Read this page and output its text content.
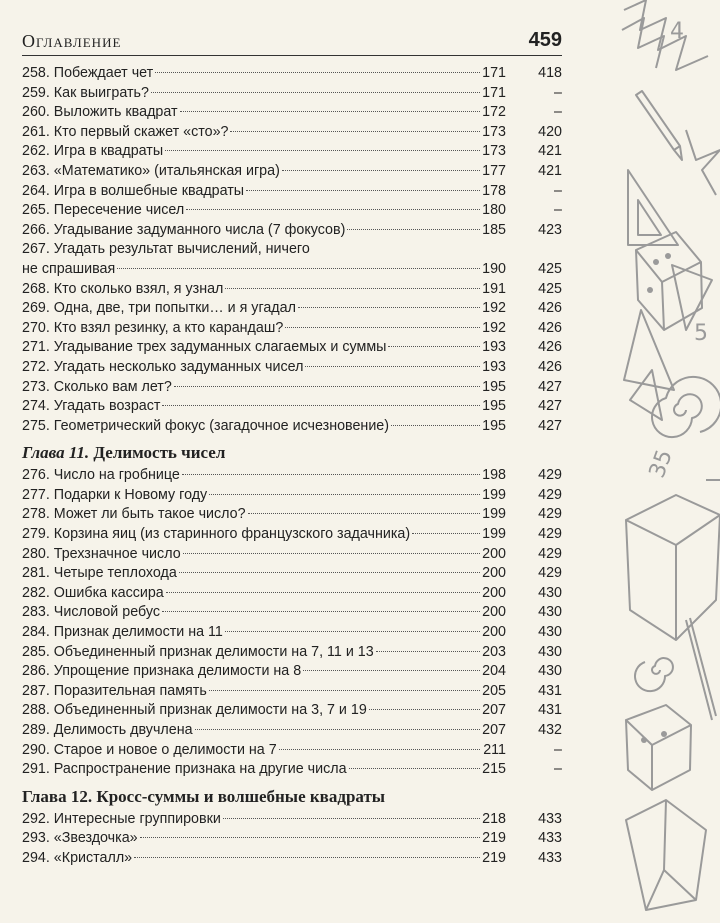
Оглавление	459
258. Побеждает чет	171	418
259. Как выиграть?	171	–
260. Выложить квадрат	172	–
261. Кто первый скажет «сто»?	173	420
262. Игра в квадраты	173	421
263. «Математико» (итальянская игра)	177	421
264. Игра в волшебные квадраты	178	–
265. Пересечение чисел	180	–
266. Угадывание задуманного числа (7 фокусов)	185	423
267. Угадать результат вычислений, ничего
не спрашивая	190	425
268. Кто сколько взял, я узнал	191	425
269. Одна, две, три попытки… и я угадал	192	426
270. Кто взял резинку, а кто карандаш?	192	426
271. Угадывание трех задуманных слагаемых и суммы	193	426
272. Угадать несколько задуманных чисел	193	426
273. Сколько вам лет?	195	427
274. Угадать возраст	195	427
275. Геометрический фокус (загадочное исчезновение)	195	427
Глава 11. Делимость чисел
276. Число на гробнице	198	429
277. Подарки к Новому году	199	429
278. Может ли быть такое число?	199	429
279. Корзина яиц (из старинного французского задачника)	199	429
280. Трехзначное число	200	429
281. Четыре теплохода	200	429
282. Ошибка кассира	200	430
283. Числовой ребус	200	430
284. Признак делимости на 11	200	430
285. Объединенный признак делимости на 7, 11 и 13	203	430
286. Упрощение признака делимости на 8	204	430
287. Поразительная память	205	431
288. Объединенный признак делимости на 3, 7 и 19	207	431
289. Делимость двучлена	207	432
290. Старое и новое о делимости на 7	211	–
291. Распространение признака на другие числа	215	–
Глава 12. Кросс-суммы и волшебные квадраты
292. Интересные группировки	218	433
293. «Звездочка»	219	433
294. «Кристалл»	219	433
4
5
35
